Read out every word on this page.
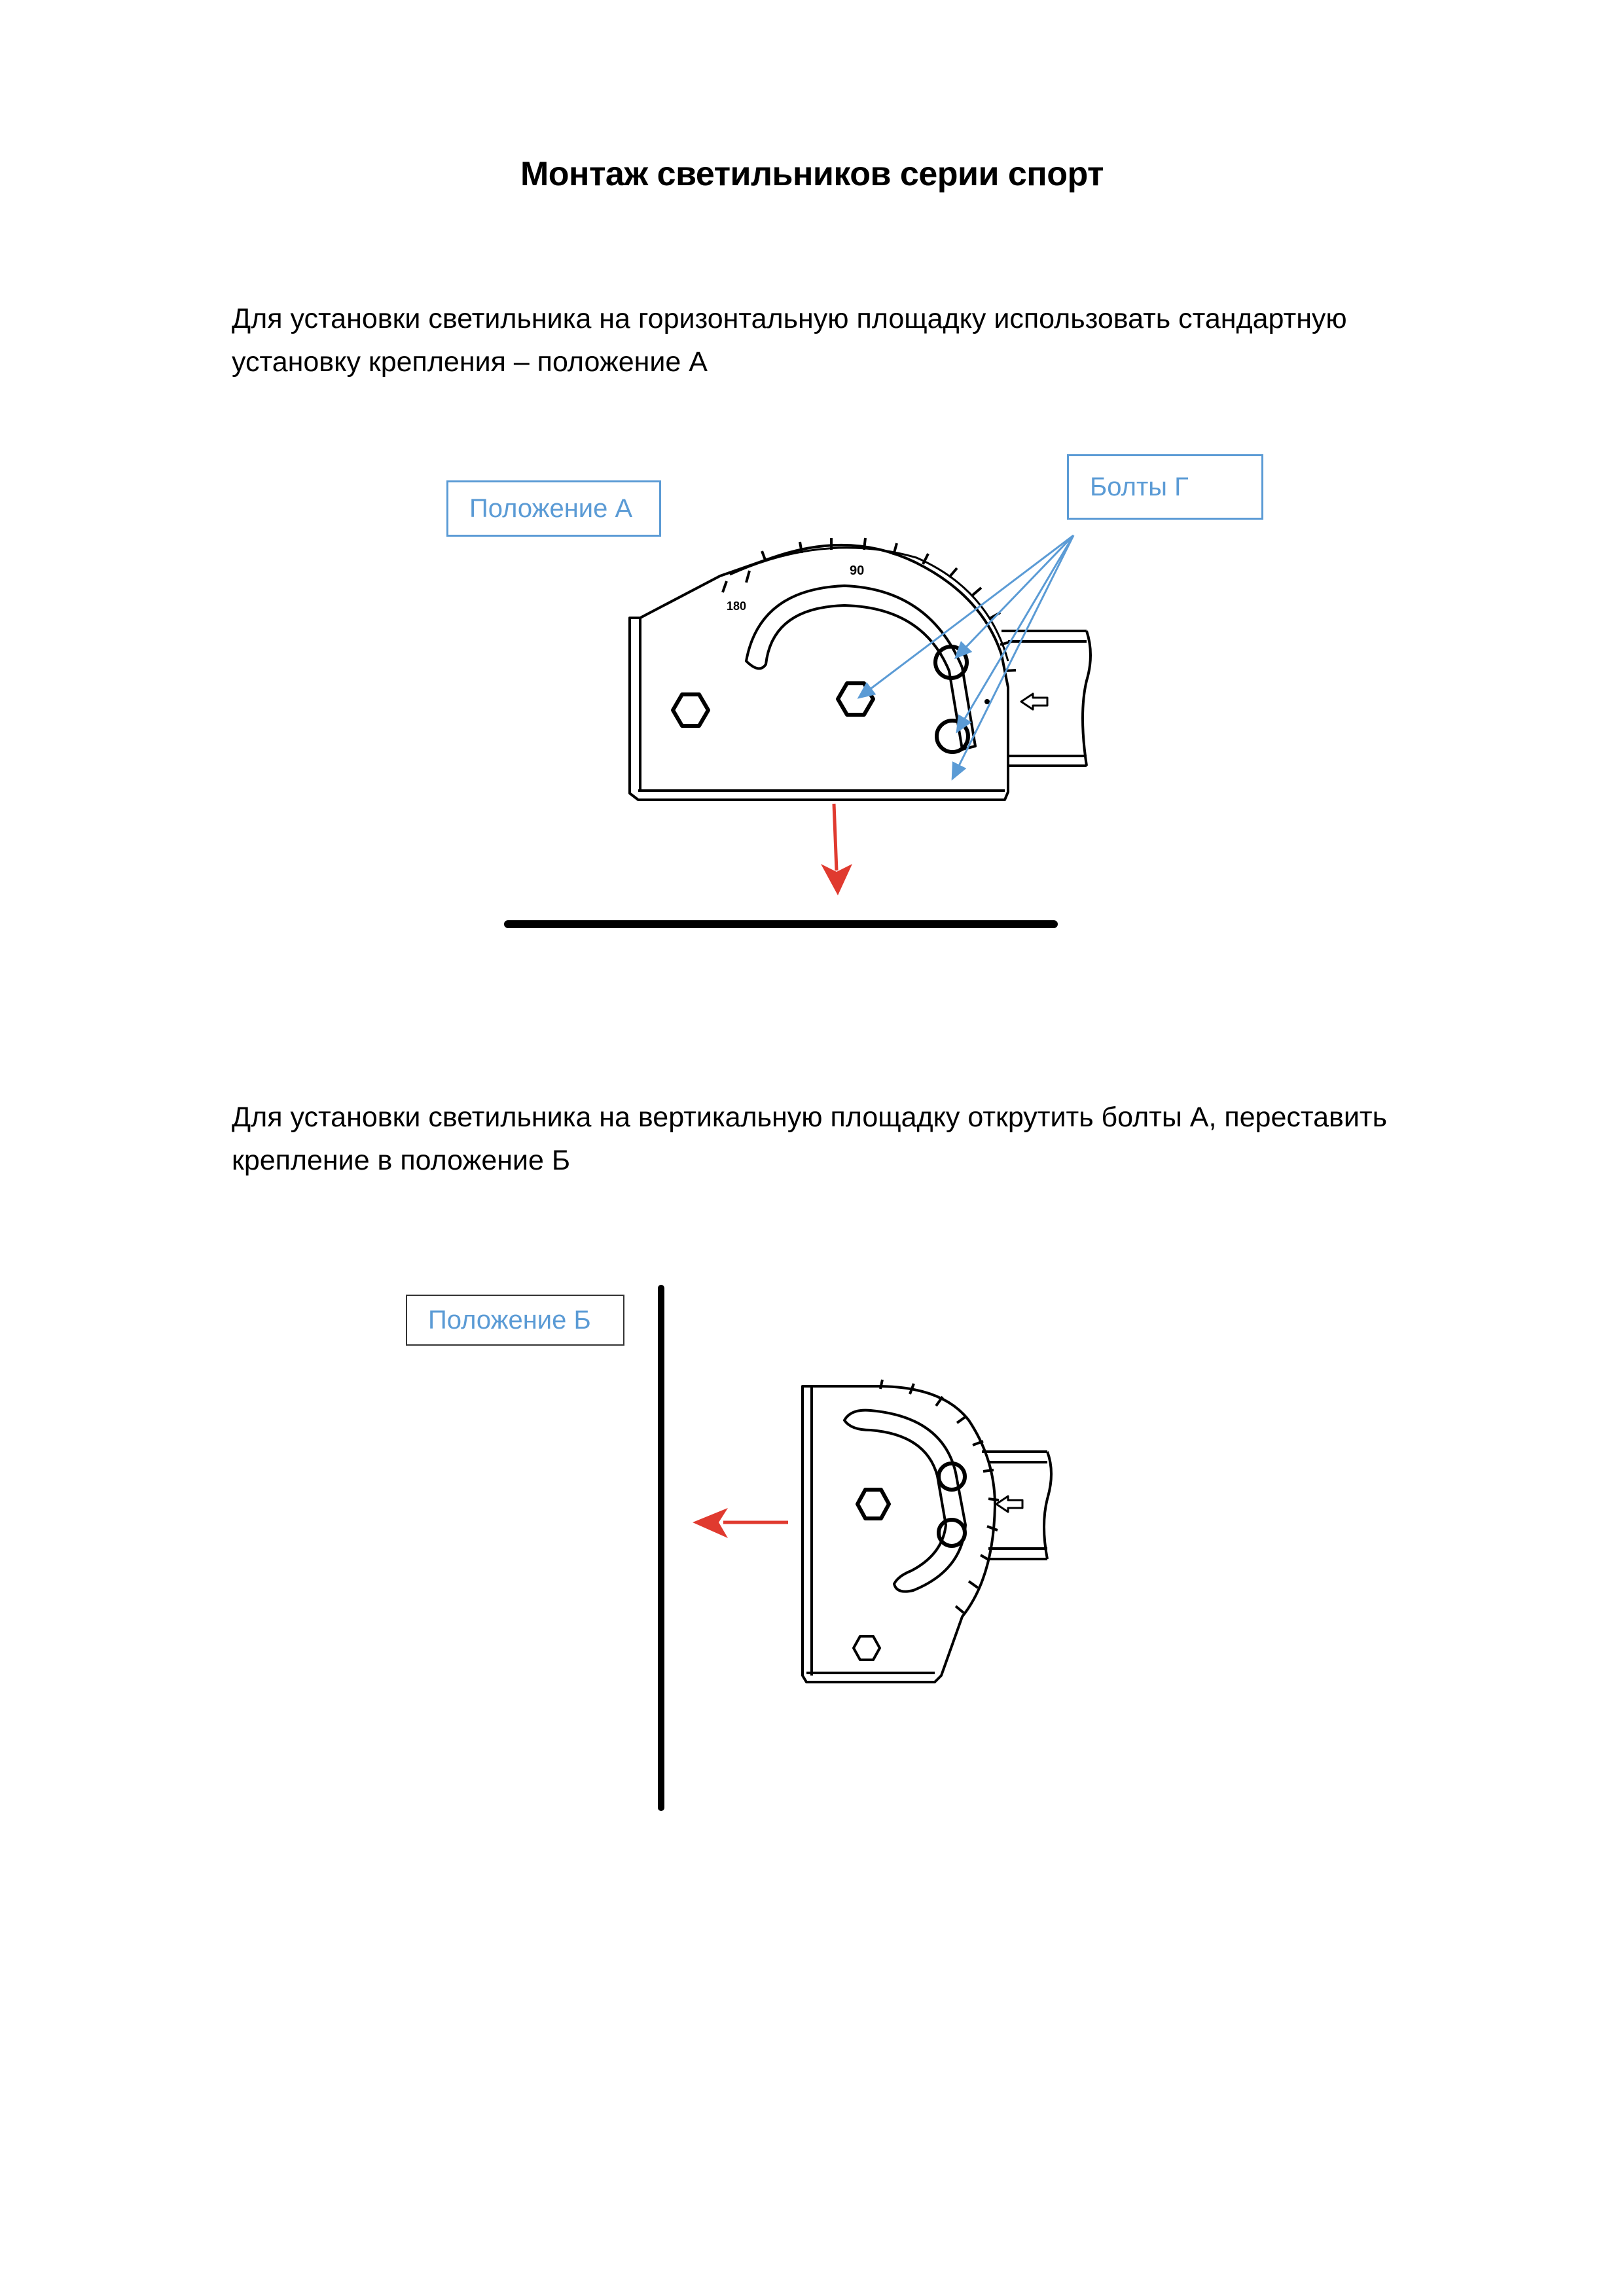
Монтаж светильников серии спорт
Для установки светильника на горизонтальную площадку использовать стандартную
установку крепления – положение А
Положение А
Болты Г
Для установки светильника на вертикальную площадку открутить болты А, переставить
крепление в положение Б
Положение Б
90
180
